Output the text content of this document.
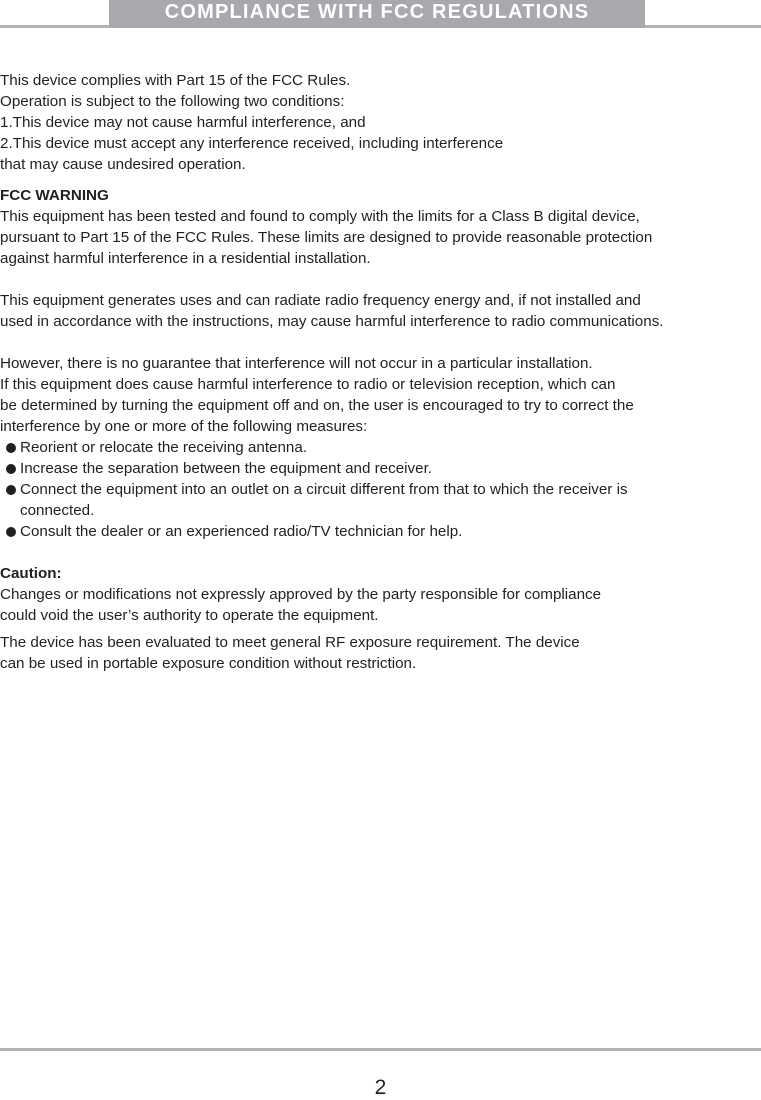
COMPLIANCE WITH FCC REGULATIONS
This device complies with Part 15 of the FCC Rules.
Operation is subject to the following two conditions:
1.This device may not cause harmful interference, and
2.This device must accept any interference received, including interference
that may cause undesired operation.
FCC WARNING
This equipment has been tested and found to comply with the limits for a Class B digital device,
pursuant to Part 15 of the FCC Rules. These limits are designed to provide reasonable protection
against harmful interference in a residential installation.
This equipment generates uses and can radiate radio frequency energy and, if not installed and
used in accordance with the instructions, may cause harmful interference to radio communications.
However, there is no guarantee that interference will not occur in a particular installation.
If this equipment does cause harmful interference to radio or television reception, which can
be determined by turning the equipment off and on, the user is encouraged to try to correct the
interference by one or more of the following measures:
Reorient or relocate the receiving antenna.
Increase the separation between the equipment and receiver.
Connect the equipment into an outlet on a circuit different from that to which the receiver is
connected.
Consult the dealer or an experienced radio/TV technician for help.
Caution:
Changes or modifications not expressly approved by the party responsible for compliance
could void the user’s authority to operate the equipment.
The device has been evaluated to meet general RF exposure requirement. The device
can be used in portable exposure condition without restriction.
2
